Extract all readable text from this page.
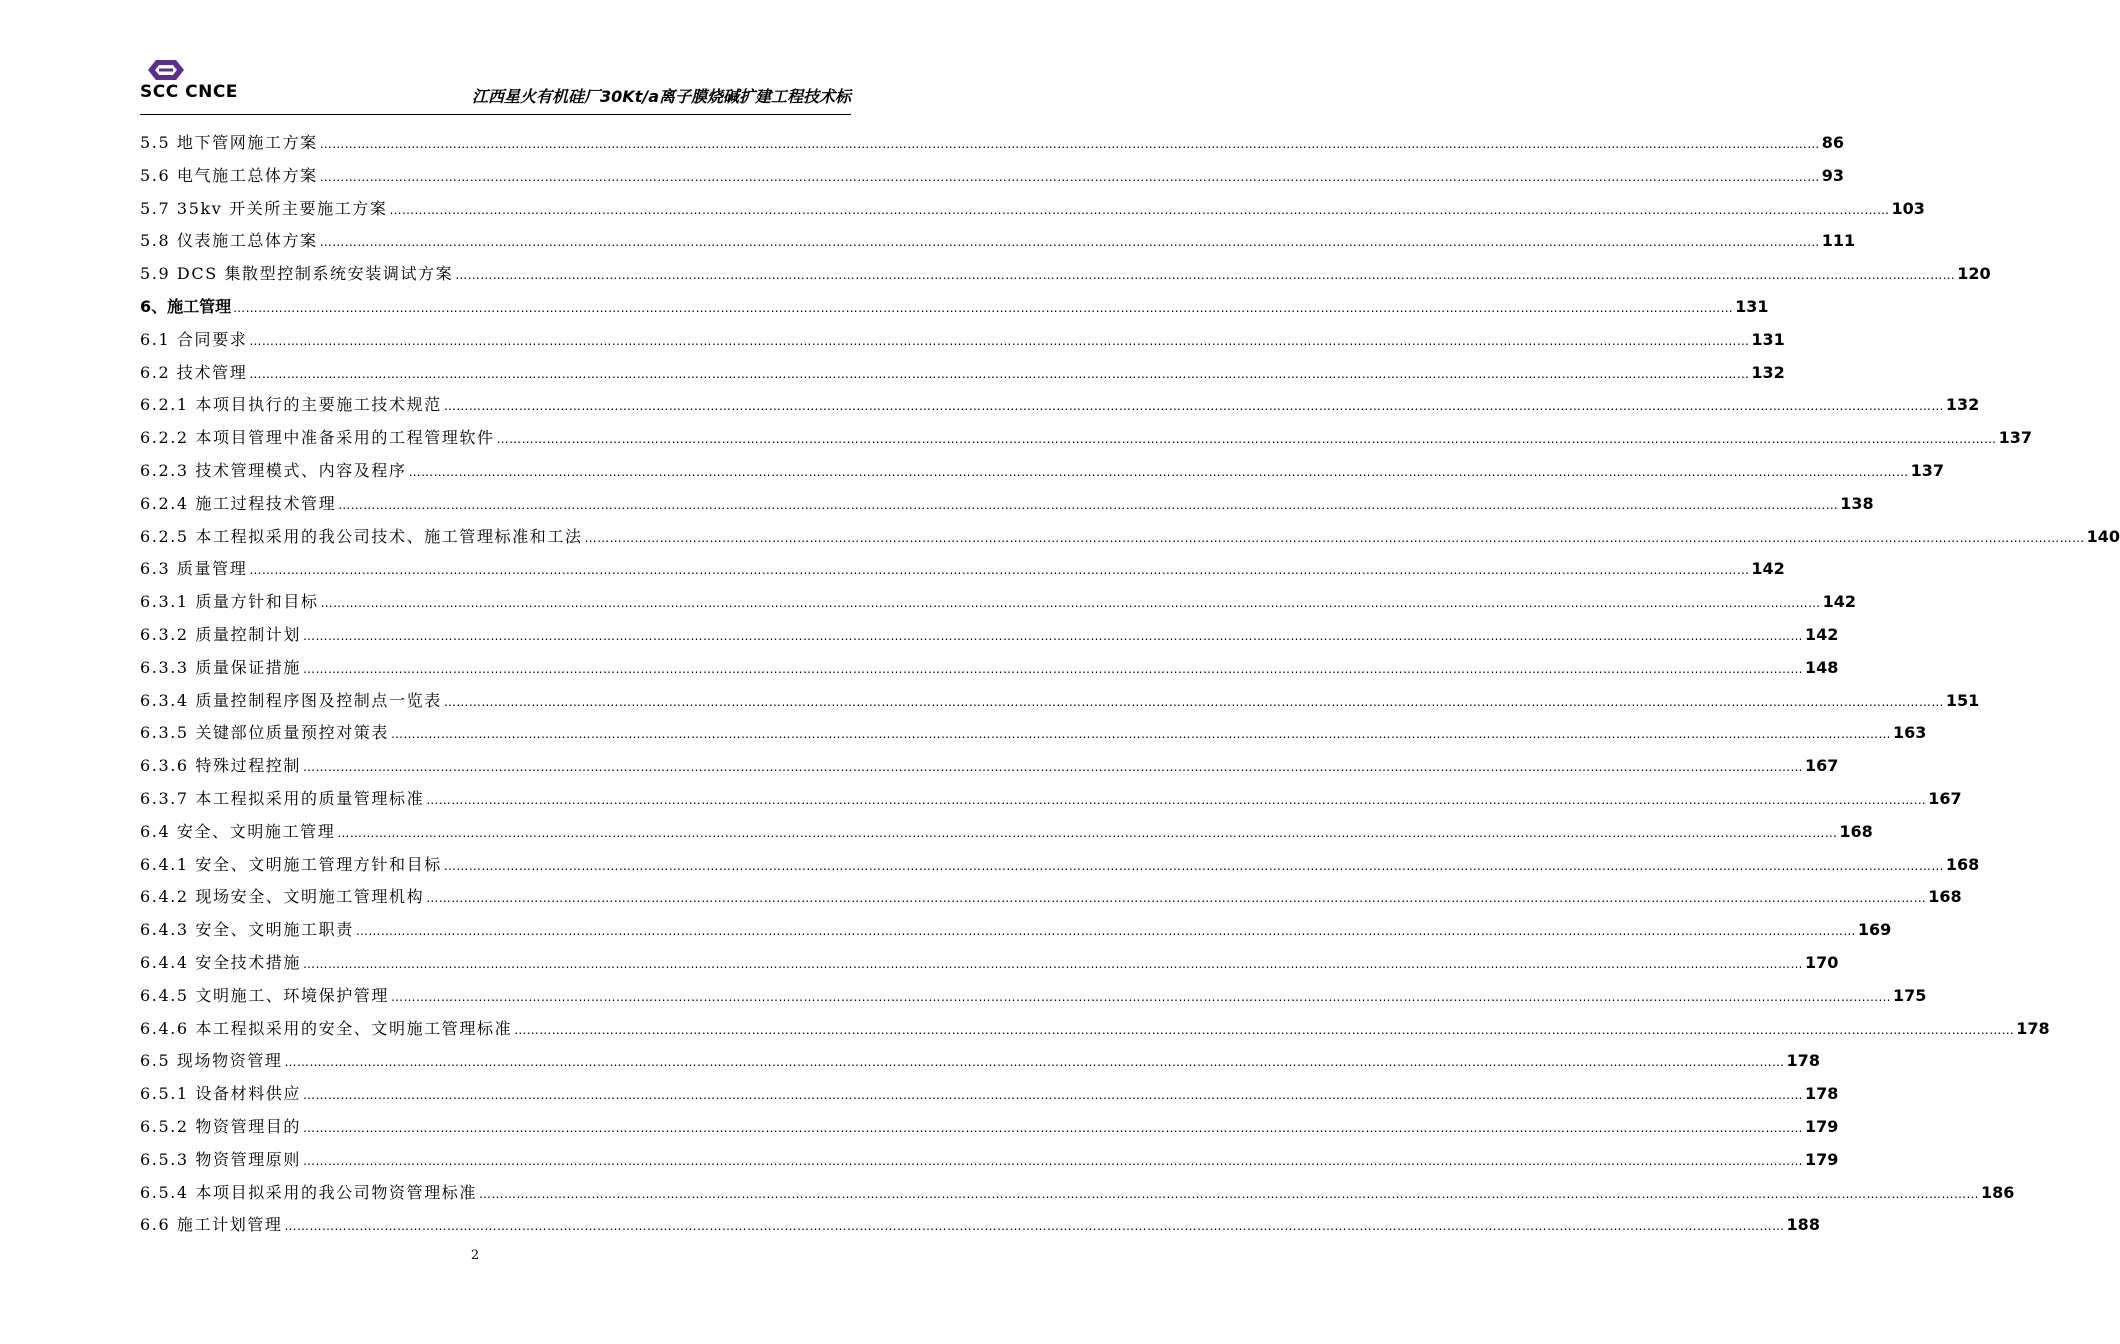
SCC CNCE	江西星火有机硅厂30Kt/a离子膜烧碱扩建工程技术标
5.5 地下管网施工方案 ……………………………………………………………………………………………………………………………………………………………………………………………………………………………………………………………………………………………………………………………… 86
5.6 电气施工总体方案 ……………………………………………………………………………………………………………………………………………………………………………………………………………………………………………………………………………………………………………………………… 93
5.7 35kv 开关所主要施工方案 ……………………………………………………………………………………………………………………………………………………………………………………………………………………………………………………………………………………………………………………………… 103
5.8 仪表施工总体方案 ……………………………………………………………………………………………………………………………………………………………………………………………………………………………………………………………………………………………………………………………… 111
5.9 DCS 集散型控制系统安装调试方案 ……………………………………………………………………………………………………………………………………………………………………………………………………………………………………………………………………………………………………………………………… 120
6、施工管理 ……………………………………………………………………………………………………………………………………………………………………………………………………………………………………………………………………………………………………………………………… 131
6.1 合同要求 ……………………………………………………………………………………………………………………………………………………………………………………………………………………………………………………………………………………………………………………………… 131
6.2 技术管理 ……………………………………………………………………………………………………………………………………………………………………………………………………………………………………………………………………………………………………………………………… 132
6.2.1 本项目执行的主要施工技术规范 ……………………………………………………………………………………………………………………………………………………………………………………………………………………………………………………………………………………………………………………………… 132
6.2.2 本项目管理中准备采用的工程管理软件 ……………………………………………………………………………………………………………………………………………………………………………………………………………………………………………………………………………………………………………………………… 137
6.2.3 技术管理模式、内容及程序 ……………………………………………………………………………………………………………………………………………………………………………………………………………………………………………………………………………………………………………………………… 137
6.2.4 施工过程技术管理 ……………………………………………………………………………………………………………………………………………………………………………………………………………………………………………………………………………………………………………………………… 138
6.2.5 本工程拟采用的我公司技术、施工管理标准和工法 ……………………………………………………………………………………………………………………………………………………………………………………………………………………………………………………………………………………………………………………………… 140
6.3 质量管理 ……………………………………………………………………………………………………………………………………………………………………………………………………………………………………………………………………………………………………………………………… 142
6.3.1 质量方针和目标 ……………………………………………………………………………………………………………………………………………………………………………………………………………………………………………………………………………………………………………………………… 142
6.3.2 质量控制计划 ……………………………………………………………………………………………………………………………………………………………………………………………………………………………………………………………………………………………………………………………… 142
6.3.3 质量保证措施 ……………………………………………………………………………………………………………………………………………………………………………………………………………………………………………………………………………………………………………………………… 148
6.3.4 质量控制程序图及控制点一览表 ……………………………………………………………………………………………………………………………………………………………………………………………………………………………………………………………………………………………………………………………… 151
6.3.5 关键部位质量预控对策表 ……………………………………………………………………………………………………………………………………………………………………………………………………………………………………………………………………………………………………………………………… 163
6.3.6 特殊过程控制 ……………………………………………………………………………………………………………………………………………………………………………………………………………………………………………………………………………………………………………………………… 167
6.3.7 本工程拟采用的质量管理标准 ……………………………………………………………………………………………………………………………………………………………………………………………………………………………………………………………………………………………………………………………… 167
6.4 安全、文明施工管理 ……………………………………………………………………………………………………………………………………………………………………………………………………………………………………………………………………………………………………………………………… 168
6.4.1 安全、文明施工管理方针和目标 ……………………………………………………………………………………………………………………………………………………………………………………………………………………………………………………………………………………………………………………………… 168
6.4.2 现场安全、文明施工管理机构 ……………………………………………………………………………………………………………………………………………………………………………………………………………………………………………………………………………………………………………………………… 168
6.4.3 安全、文明施工职责 ……………………………………………………………………………………………………………………………………………………………………………………………………………………………………………………………………………………………………………………………… 169
6.4.4 安全技术措施 ……………………………………………………………………………………………………………………………………………………………………………………………………………………………………………………………………………………………………………………………… 170
6.4.5 文明施工、环境保护管理 ……………………………………………………………………………………………………………………………………………………………………………………………………………………………………………………………………………………………………………………………… 175
6.4.6 本工程拟采用的安全、文明施工管理标准 ……………………………………………………………………………………………………………………………………………………………………………………………………………………………………………………………………………………………………………………………… 178
6.5 现场物资管理 ……………………………………………………………………………………………………………………………………………………………………………………………………………………………………………………………………………………………………………………………… 178
6.5.1 设备材料供应 ……………………………………………………………………………………………………………………………………………………………………………………………………………………………………………………………………………………………………………………………… 178
6.5.2 物资管理目的 ……………………………………………………………………………………………………………………………………………………………………………………………………………………………………………………………………………………………………………………………… 179
6.5.3 物资管理原则 ……………………………………………………………………………………………………………………………………………………………………………………………………………………………………………………………………………………………………………………………… 179
6.5.4 本项目拟采用的我公司物资管理标准 ……………………………………………………………………………………………………………………………………………………………………………………………………………………………………………………………………………………………………………………………… 186
6.6 施工计划管理 ……………………………………………………………………………………………………………………………………………………………………………………………………………………………………………………………………………………………………………………………… 188
2
